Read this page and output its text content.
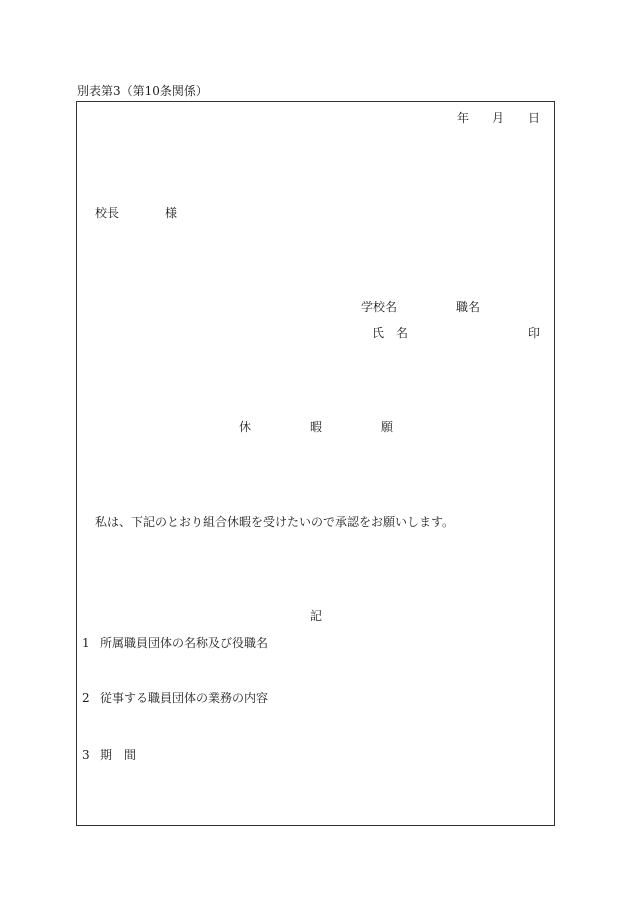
別表第3（第10条関係）
年 月 日
校長	様
学校名	職名
氏 名	印
休	暇	願
私は、下記のとおり組合休暇を受けたいので承認をお願いします。
記
1 所属職員団体の名称及び役職名
2 従事する職員団体の業務の内容
3 期 間
